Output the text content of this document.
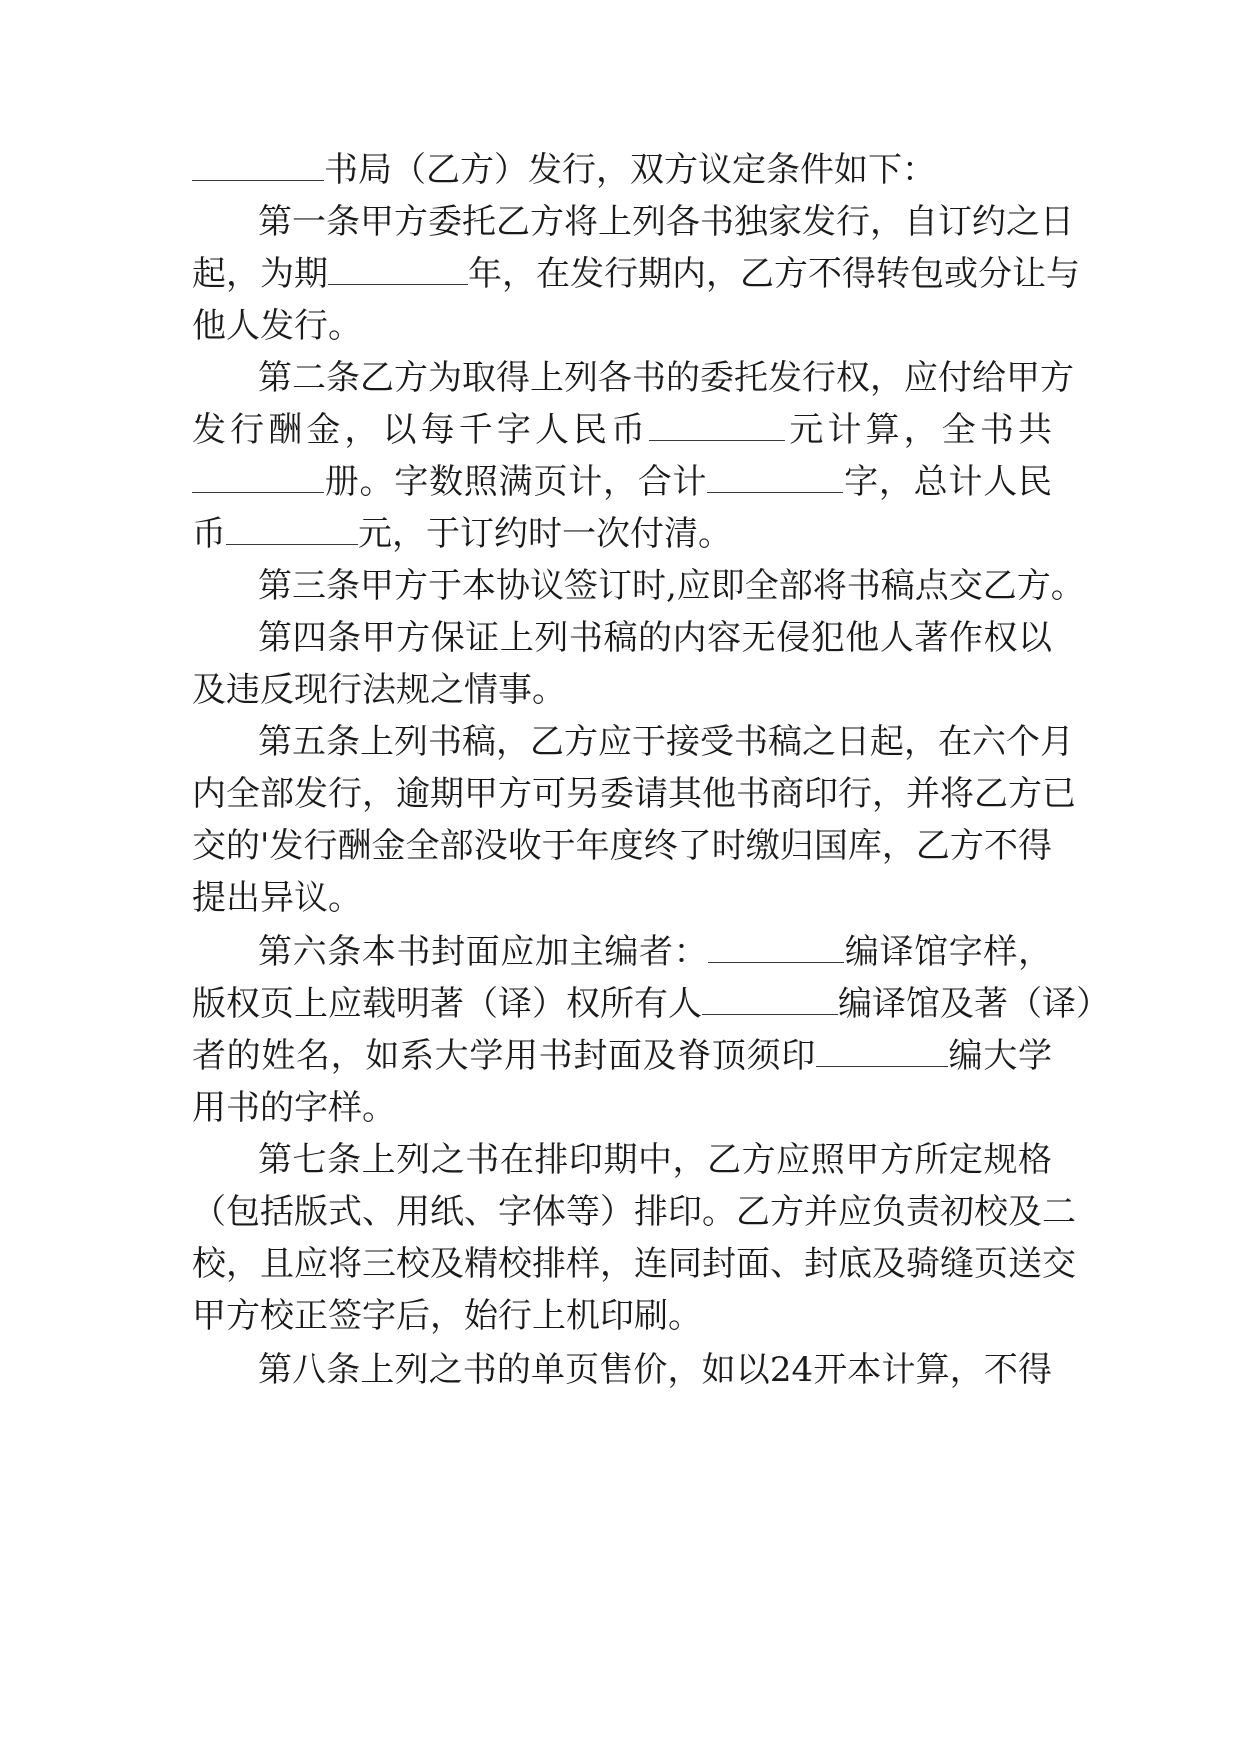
书局（乙方）发行，双方议定条件如下：
第一条甲方委托乙方将上列各书独家发行，自订约之日
起，为期	年，在发行期内，乙方不得转包或分让与
他人发行。
第二条乙方为取得上列各书的委托发行权，应付给甲方
发行酬金，以每千字人民币	元计算，全书共
册。字数照满页计，合计	字，总计人民
币	元，于订约时一次付清。
第三条甲方于本协议签订时,应即全部将书稿点交乙方。
第四条甲方保证上列书稿的内容无侵犯他人著作权以
及违反现行法规之情事。
第五条上列书稿，乙方应于接受书稿之日起，在六个月
内全部发行，逾期甲方可另委请其他书商印行，并将乙方已
交的'发行酬金全部没收于年度终了时缴归国库，乙方不得
提出异议。
第六条本书封面应加主编者：	编译馆字样，
版权页上应载明著（译）权所有人	编译馆及著（译）
者的姓名，如系大学用书封面及脊顶须印	编大学
用书的字样。
第七条上列之书在排印期中，乙方应照甲方所定规格
（包括版式、用纸、字体等）排印。乙方并应负责初校及二
校，且应将三校及精校排样，连同封面、封底及骑缝页送交
甲方校正签字后，始行上机印刷。
第八条上列之书的单页售价，如以24开本计算，不得
